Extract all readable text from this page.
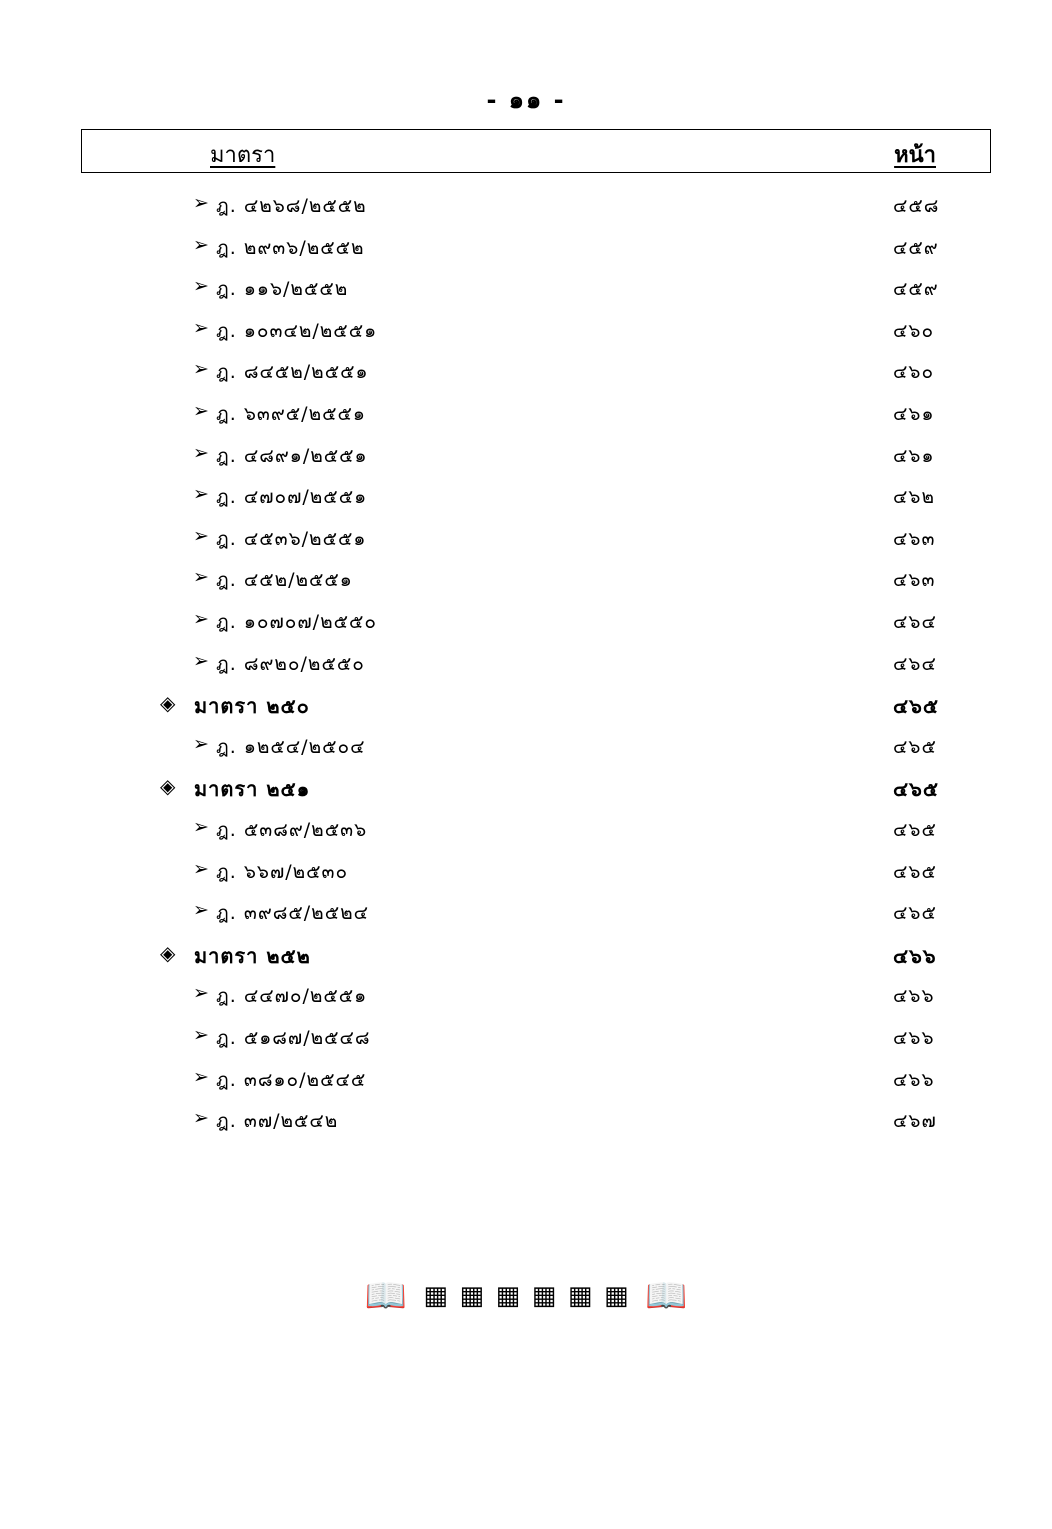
- ๑๑ -
มาตรา	หน้า
➢ ฎ. ๔๒๖๘/๒๕๕๒	๔๕๘
➢ ฎ. ๒๙๓๖/๒๕๕๒	๔๕๙
➢ ฎ. ๑๑๖/๒๕๕๒	๔๕๙
➢ ฎ. ๑๐๓๔๒/๒๕๕๑	๔๖๐
➢ ฎ. ๘๔๕๒/๒๕๕๑	๔๖๐
➢ ฎ. ๖๓๙๕/๒๕๕๑	๔๖๑
➢ ฎ. ๔๘๙๑/๒๕๕๑	๔๖๑
➢ ฎ. ๔๗๐๗/๒๕๕๑	๔๖๒
➢ ฎ. ๔๕๓๖/๒๕๕๑	๔๖๓
➢ ฎ. ๔๕๒/๒๕๕๑	๔๖๓
➢ ฎ. ๑๐๗๐๗/๒๕๕๐	๔๖๔
➢ ฎ. ๘๙๒๐/๒๕๕๐	๔๖๔
◈ มาตรา ๒๕๐	๔๖๕
➢ ฎ. ๑๒๕๔/๒๕๐๔	๔๖๕
◈ มาตรา ๒๕๑	๔๖๕
➢ ฎ. ๕๓๘๙/๒๕๓๖	๔๖๕
➢ ฎ. ๖๖๗/๒๕๓๐	๔๖๕
➢ ฎ. ๓๙๘๕/๒๕๒๔	๔๖๕
◈ มาตรา ๒๕๒	๔๖๖
➢ ฎ. ๔๔๗๐/๒๕๕๑	๔๖๖
➢ ฎ. ๕๑๘๗/๒๕๔๘	๔๖๖
➢ ฎ. ๓๘๑๐/๒๕๔๕	๔๖๖
➢ ฎ. ๓๗/๒๕๔๒	๔๖๗
📖 ▦ ▦ ▦ ▦ ▦ ▦ 📖
